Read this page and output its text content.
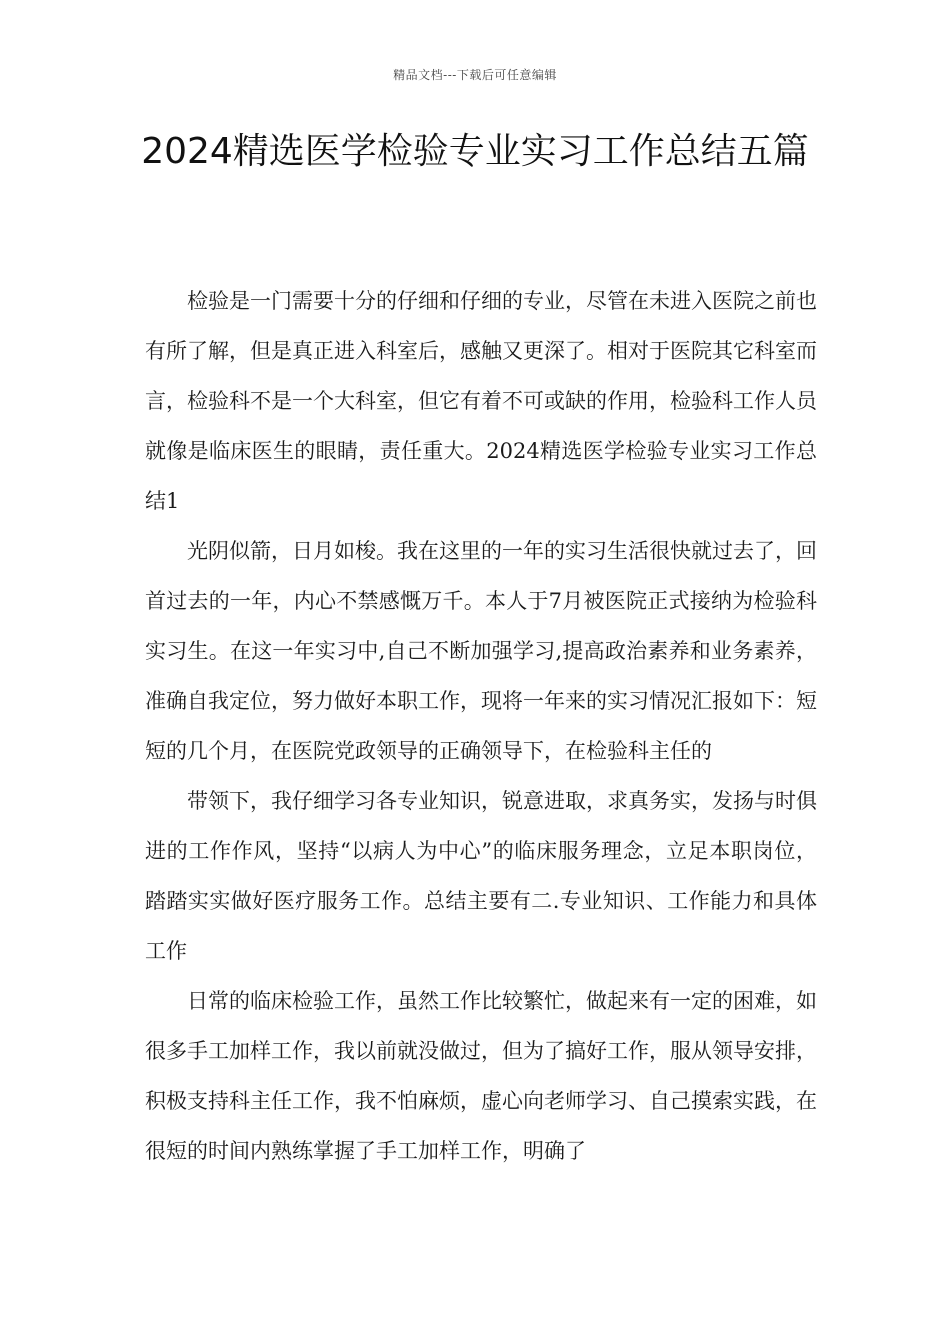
精品文档---下载后可任意编辑
2024精选医学检验专业实习工作总结五篇

检验是一门需要十分的仔细和仔细的专业，尽管在未进入医院之前也有所了解，但是真正进入科室后，感触又更深了。相对于医院其它科室而言，检验科不是一个大科室，但它有着不可或缺的作用，检验科工作人员就像是临床医生的眼睛，责任重大。2024精选医学检验专业实习工作总结1

光阴似箭，日月如梭。我在这里的一年的实习生活很快就过去了，回首过去的一年，内心不禁感慨万千。本人于7月被医院正式接纳为检验科实习生。在这一年实习中,自己不断加强学习,提高政治素养和业务素养，准确自我定位，努力做好本职工作，现将一年来的实习情况汇报如下：短短的几个月，在医院党政领导的正确领导下，在检验科主任的

带领下，我仔细学习各专业知识，锐意进取，求真务实，发扬与时俱进的工作作风，坚持“以病人为中心”的临床服务理念，立足本职岗位，踏踏实实做好医疗服务工作。总结主要有二.专业知识、工作能力和具体工作

日常的临床检验工作，虽然工作比较繁忙，做起来有一定的困难，如很多手工加样工作，我以前就没做过，但为了搞好工作，服从领导安排，积极支持科主任工作，我不怕麻烦，虚心向老师学习、自己摸索实践，在很短的时间内熟练掌握了手工加样工作，明确了
